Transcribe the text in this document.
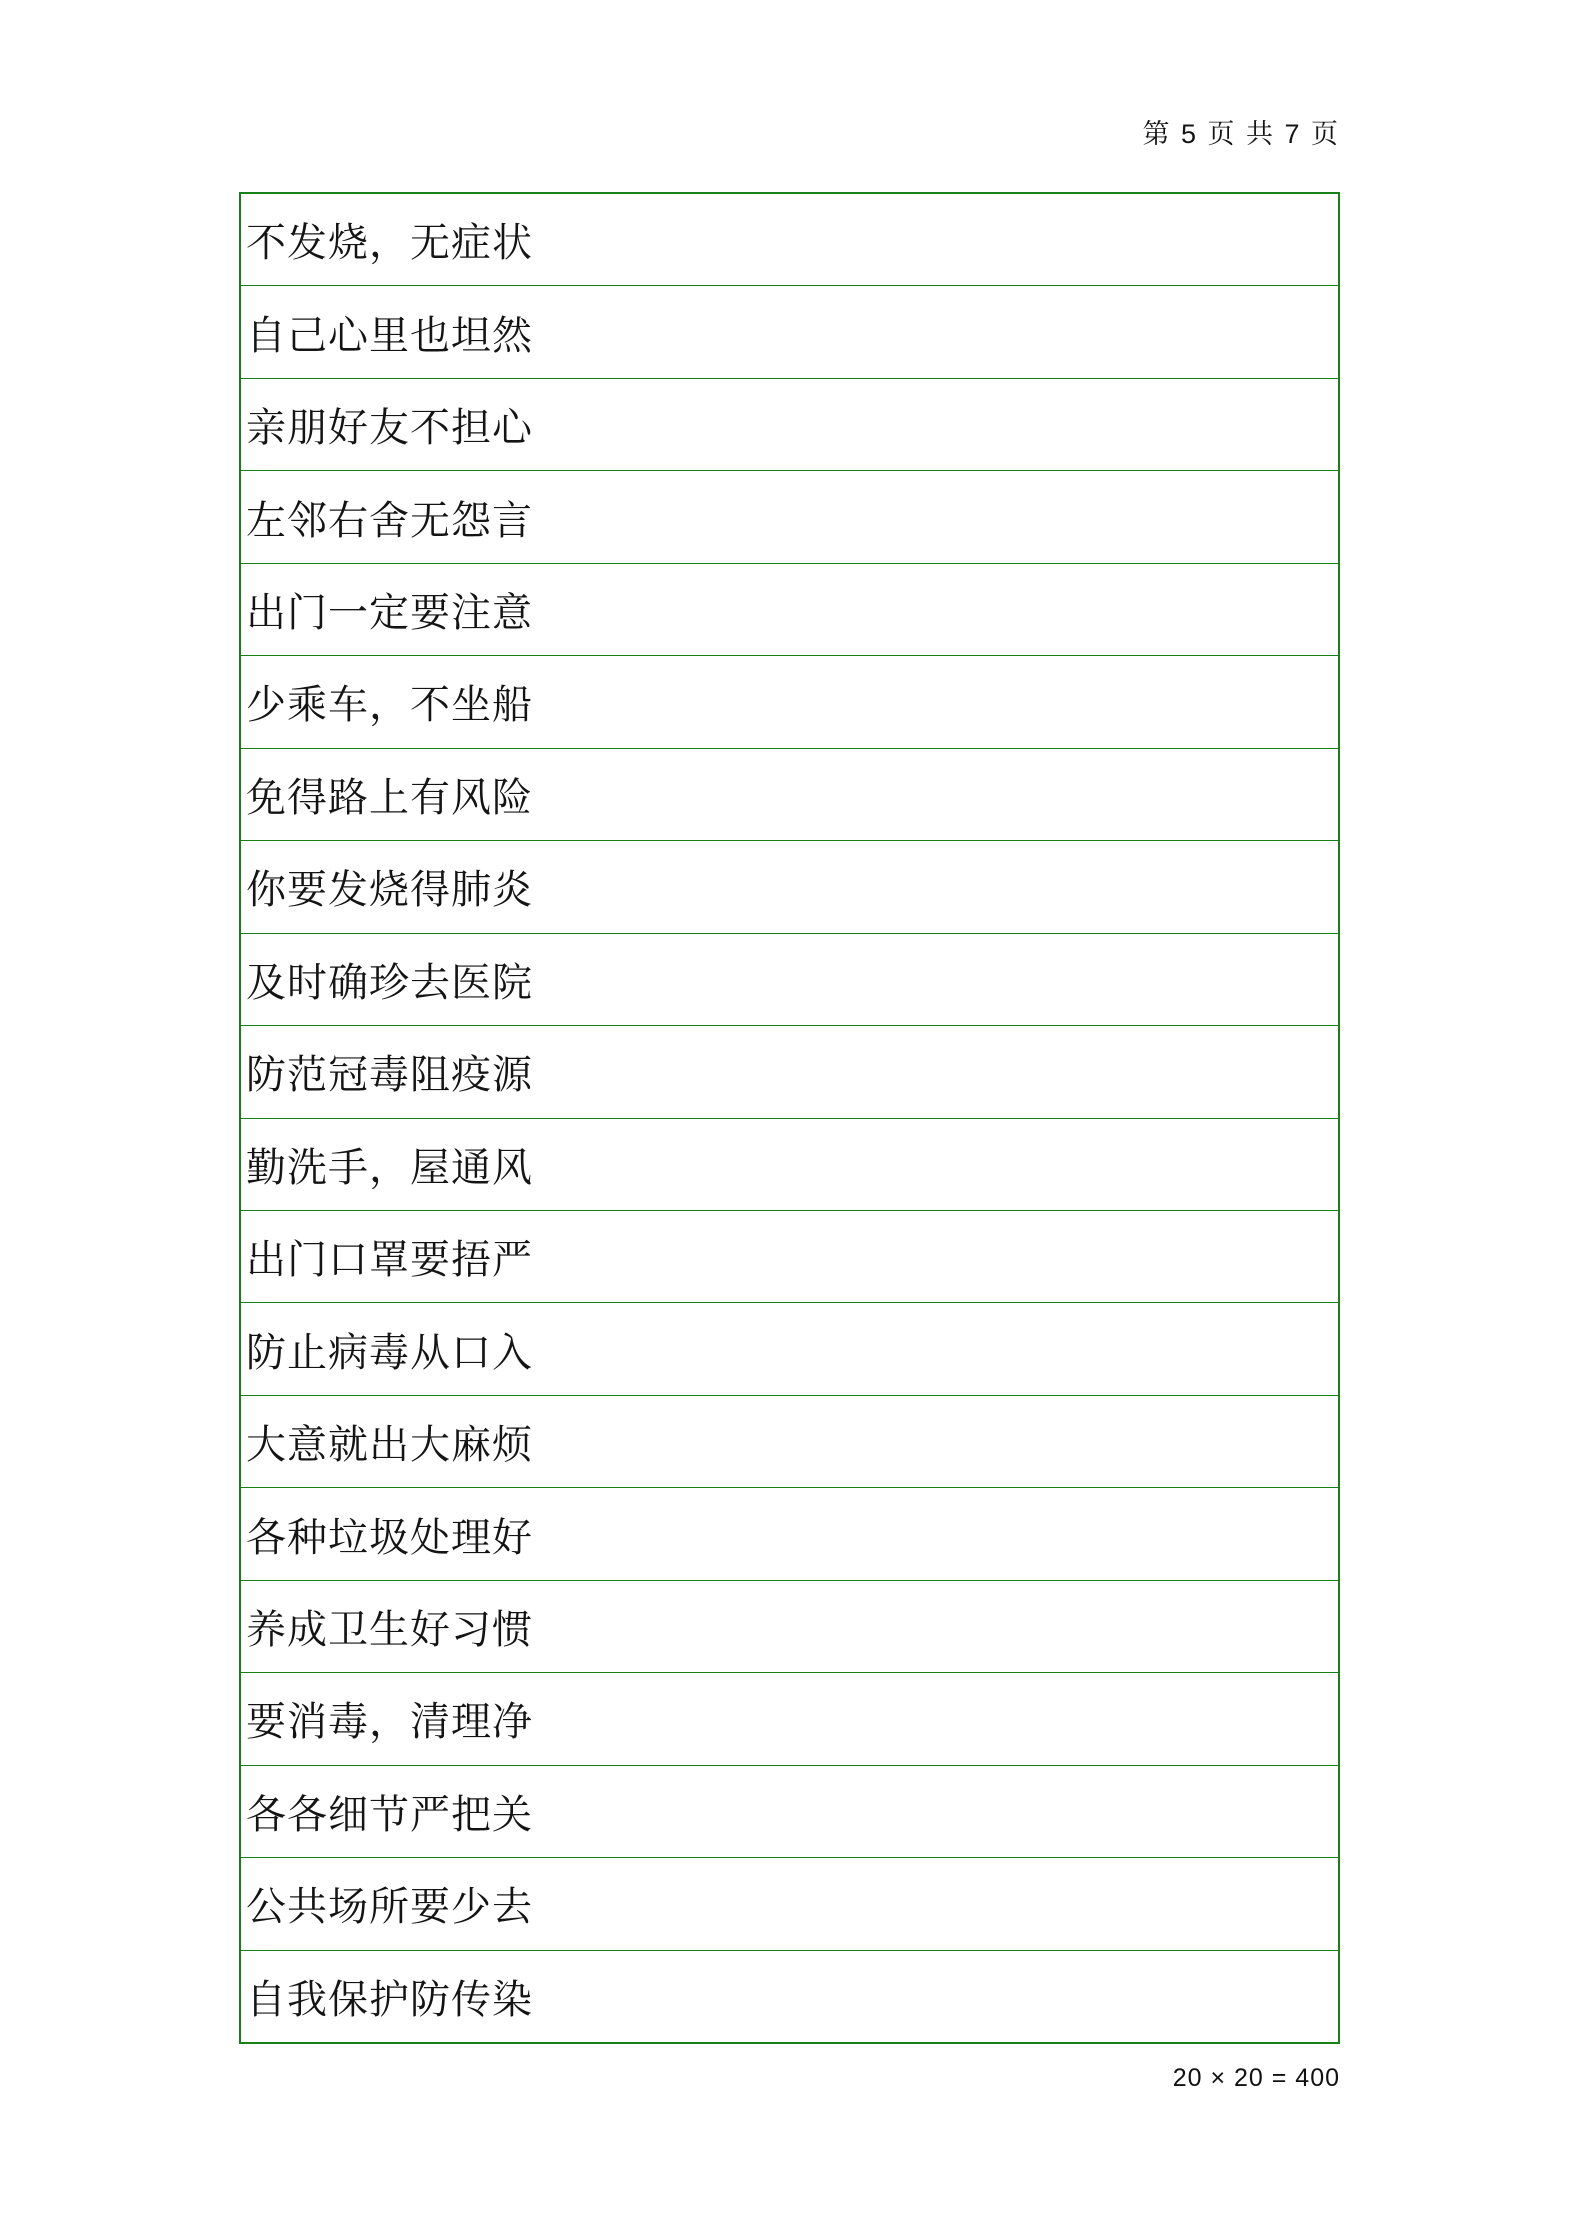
第 5 页 共 7 页
不发烧，无症状
自己心里也坦然
亲朋好友不担心
左邻右舍无怨言
出门一定要注意
少乘车，不坐船
免得路上有风险
你要发烧得肺炎
及时确珍去医院
防范冠毒阻疫源
勤洗手，屋通风
出门口罩要捂严
防止病毒从口入
大意就出大麻烦
各种垃圾处理好
养成卫生好习惯
要消毒，清理净
各各细节严把关
公共场所要少去
自我保护防传染
20 × 20 = 400
